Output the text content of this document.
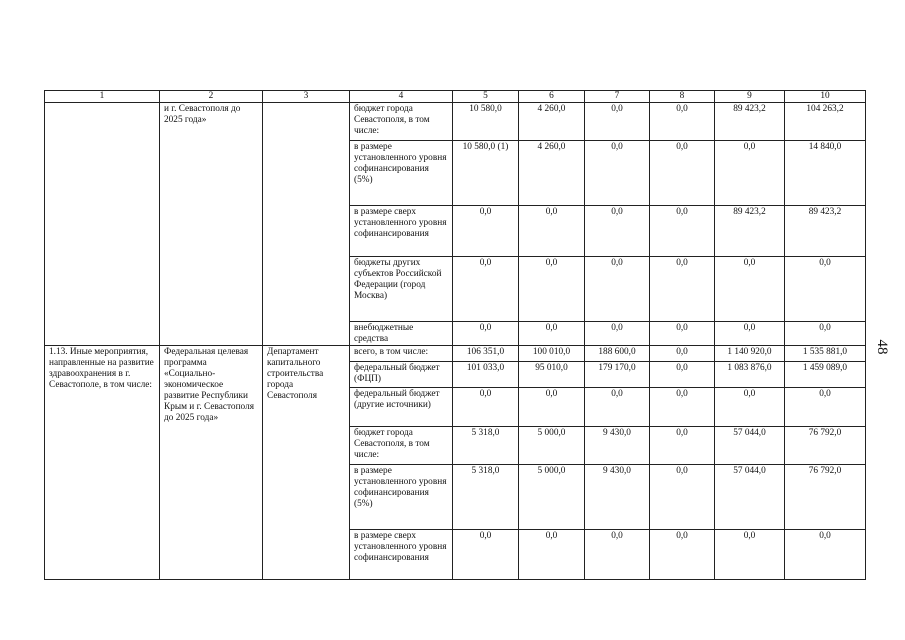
1	2	3	4	5	6	7	8	9	10
	и г. Севастополя до 2025 года»		бюджет города Севастополя, в том числе:	10 580,0	4 260,0	0,0	0,0	89 423,2	104 263,2
			в размере установленного уровня софинансирования (5%)	10 580,0 (1)	4 260,0	0,0	0,0	0,0	14 840,0
			в размере сверх установленного уровня софинансирования	0,0	0,0	0,0	0,0	89 423,2	89 423,2
			бюджеты других субъектов Российской Федерации (город Москва)	0,0	0,0	0,0	0,0	0,0	0,0
			внебюджетные средства	0,0	0,0	0,0	0,0	0,0	0,0
1.13. Иные мероприятия, направленные на развитие здравоохранения в г. Севастополе, в том числе:	Федеральная целевая программа «Социально-экономическое развитие Республики Крым и г. Севастополя до 2025 года»	Департамент капитального строительства города Севастополя	всего, в том числе:	106 351,0	100 010,0	188 600,0	0,0	1 140 920,0	1 535 881,0
			федеральный бюджет (ФЦП)	101 033,0	95 010,0	179 170,0	0,0	1 083 876,0	1 459 089,0
			федеральный бюджет (другие источники)	0,0	0,0	0,0	0,0	0,0	0,0
			бюджет города Севастополя, в том числе:	5 318,0	5 000,0	9 430,0	0,0	57 044,0	76 792,0
			в размере установленного уровня софинансирования (5%)	5 318,0	5 000,0	9 430,0	0,0	57 044,0	76 792,0
			в размере сверх установленного уровня софинансирования	0,0	0,0	0,0	0,0	0,0	0,0
48
